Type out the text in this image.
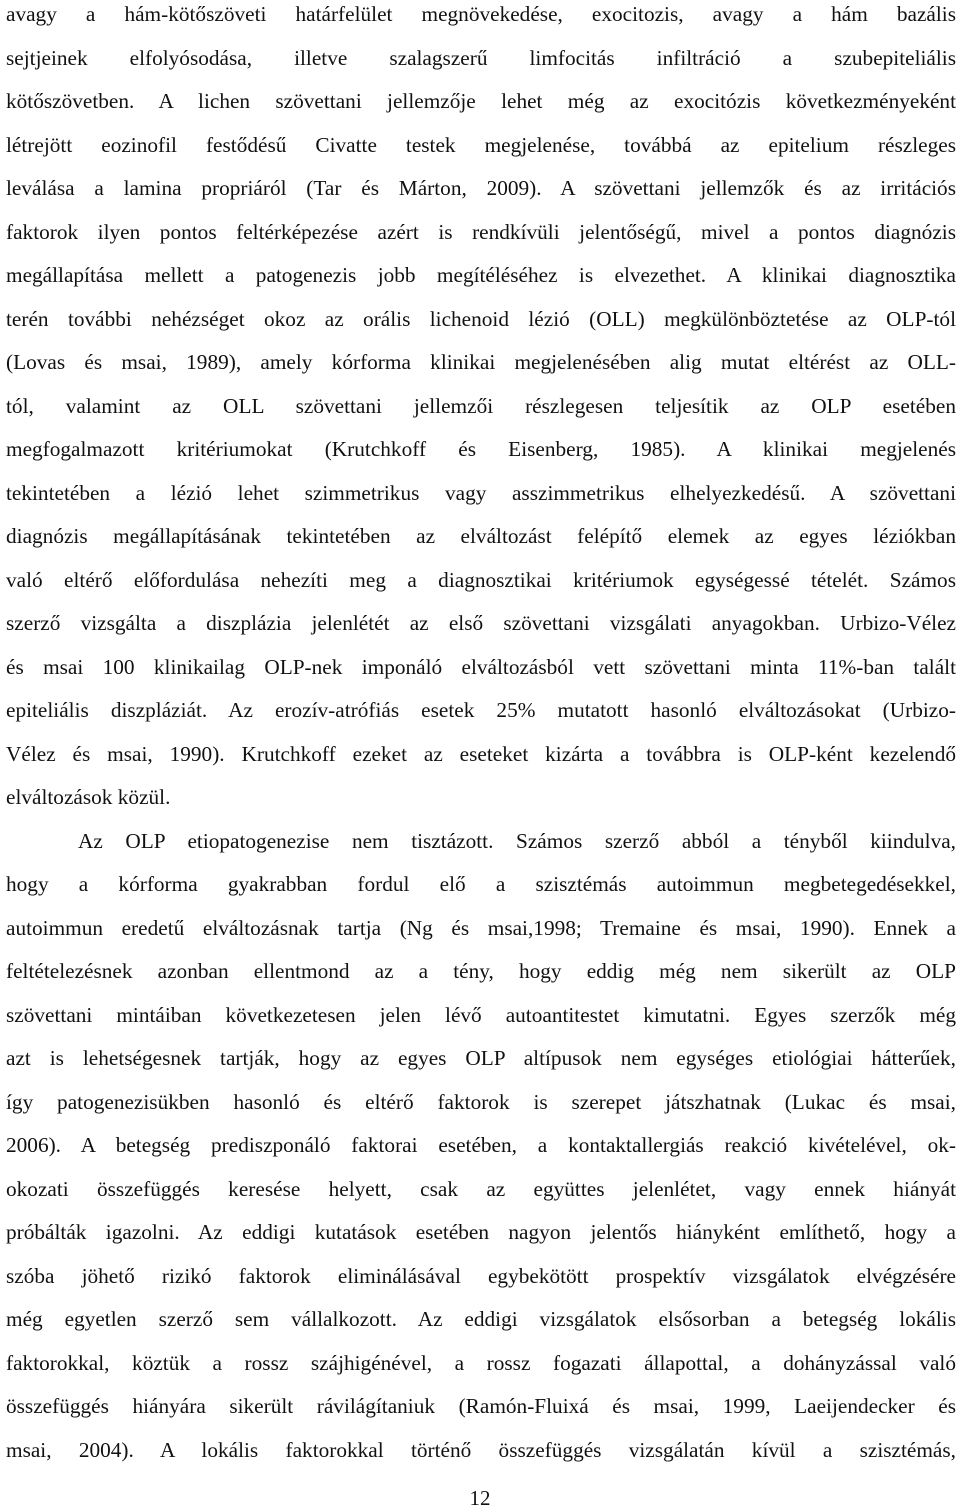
avagy a hám-kötőszöveti határfelület megnövekedése, exocitozis, avagy a hám bazális
sejtjeinek elfolyósodása, illetve szalagszerű limfocitás infiltráció a szubepiteliális
kötőszövetben. A lichen szövettani jellemzője lehet még az exocitózis következményeként
létrejött eozinofil festődésű Civatte testek megjelenése, továbbá az epitelium részleges
leválása a lamina propriáról (Tar és Márton, 2009). A szövettani jellemzők és az irritációs
faktorok ilyen pontos feltérképezése azért is rendkívüli jelentőségű, mivel a pontos diagnózis
megállapítása mellett a patogenezis jobb megítéléséhez is elvezethet. A klinikai diagnosztika
terén további nehézséget okoz az orális lichenoid lézió (OLL) megkülönböztetése az OLP-tól
(Lovas és msai, 1989), amely kórforma klinikai megjelenésében alig mutat eltérést az OLL-
tól, valamint az OLL szövettani jellemzői részlegesen teljesítik az OLP esetében
megfogalmazott kritériumokat (Krutchkoff és Eisenberg, 1985). A klinikai megjelenés
tekintetében a lézió lehet szimmetrikus vagy asszimmetrikus elhelyezkedésű. A szövettani
diagnózis megállapításának tekintetében az elváltozást felépítő elemek az egyes léziókban
való eltérő előfordulása nehezíti meg a diagnosztikai kritériumok egységessé tételét. Számos
szerző vizsgálta a diszplázia jelenlétét az első szövettani vizsgálati anyagokban. Urbizo-Vélez
és msai 100 klinikailag OLP-nek imponáló elváltozásból vett szövettani minta 11%-ban talált
epiteliális diszpláziát. Az erozív-atrófiás esetek 25% mutatott hasonló elváltozásokat (Urbizo-
Vélez és msai, 1990). Krutchkoff ezeket az eseteket kizárta a továbbra is OLP-ként kezelendő
elváltozások közül.
Az OLP etiopatogenezise nem tisztázott. Számos szerző abból a tényből kiindulva,
hogy a kórforma gyakrabban fordul elő a szisztémás autoimmun megbetegedésekkel,
autoimmun eredetű elváltozásnak tartja (Ng és msai,1998; Tremaine és msai, 1990). Ennek a
feltételezésnek azonban ellentmond az a tény, hogy eddig még nem sikerült az OLP
szövettani mintáiban következetesen jelen lévő autoantitestet kimutatni. Egyes szerzők még
azt is lehetségesnek tartják, hogy az egyes OLP altípusok nem egységes etiológiai hátterűek,
így patogenezisükben hasonló és eltérő faktorok is szerepet játszhatnak (Lukac és msai,
2006). A betegség prediszponáló faktorai esetében, a kontaktallergiás reakció kivételével, ok-
okozati összefüggés keresése helyett, csak az együttes jelenlétet, vagy ennek hiányát
próbálták igazolni. Az eddigi kutatások esetében nagyon jelentős hiányként említhető, hogy a
szóba jöhető rizikó faktorok eliminálásával egybekötött prospektív vizsgálatok elvégzésére
még egyetlen szerző sem vállalkozott. Az eddigi vizsgálatok elsősorban a betegség lokális
faktorokkal, köztük a rossz szájhigénével, a rossz fogazati állapottal, a dohányzással való
összefüggés hiányára sikerült rávilágítaniuk (Ramón-Fluixá és msai, 1999, Laeijendecker és
msai, 2004). A lokális faktorokkal történő összefüggés vizsgálatán kívül a szisztémás,
12
